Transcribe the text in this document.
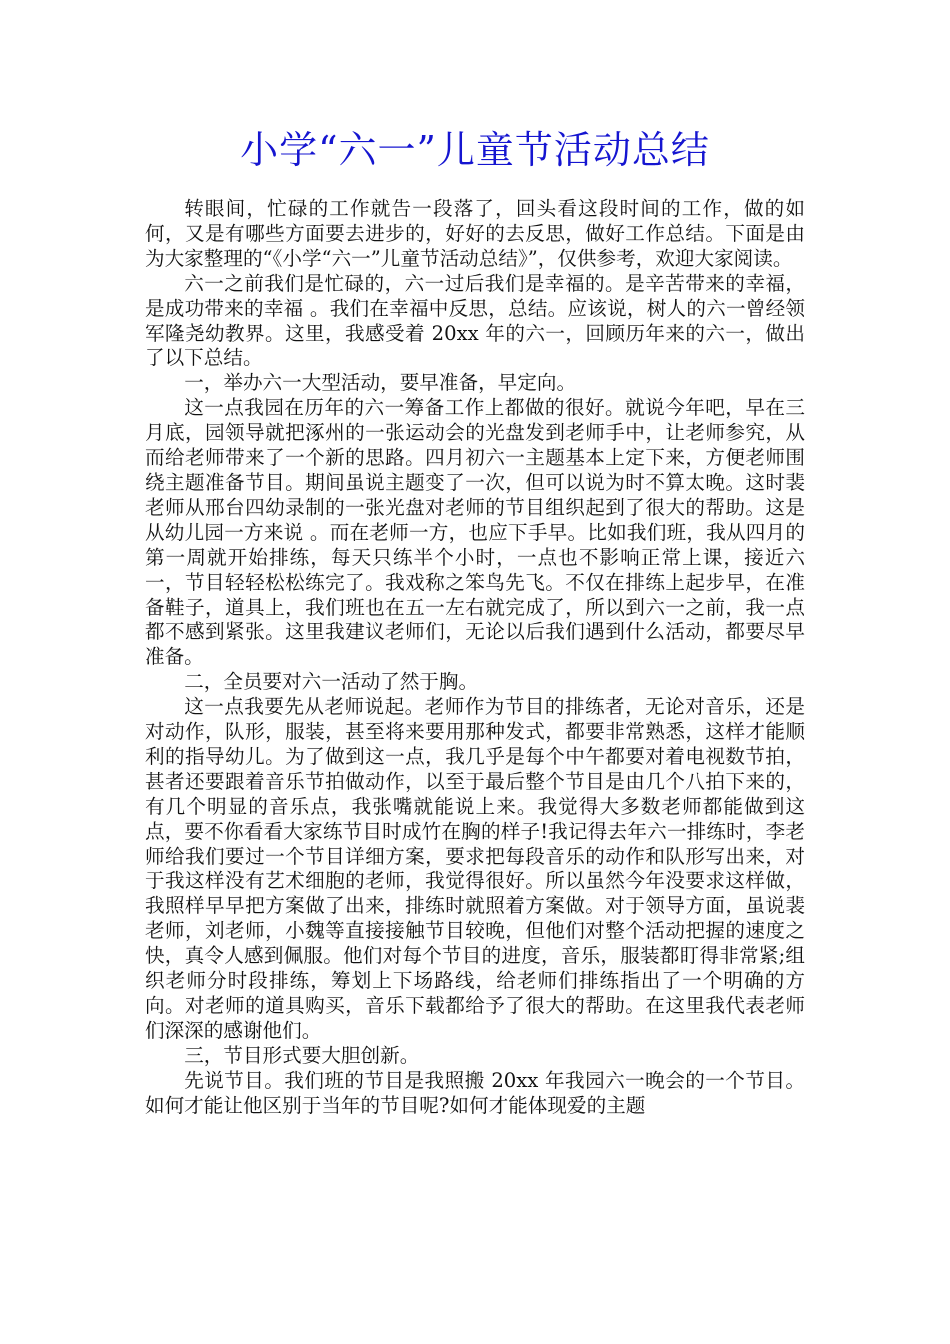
小学“六一”儿童节活动总结

转眼间，忙碌的工作就告一段落了，回头看这段时间的工作，做的如何，又是有哪些方面要去进步的，好好的去反思，做好工作总结。下面是由为大家整理的“《小学“六一”儿童节活动总结》”，仅供参考，欢迎大家阅读。

六一之前我们是忙碌的，六一过后我们是幸福的。是辛苦带来的幸福，是成功带来的幸福 。我们在幸福中反思，总结。应该说，树人的六一曾经领军隆尧幼教界。这里，我感受着 20xx 年的六一，回顾历年来的六一，做出了以下总结。

一，举办六一大型活动，要早准备，早定向。

这一点我园在历年的六一筹备工作上都做的很好。就说今年吧，早在三月底，园领导就把涿州的一张运动会的光盘发到老师手中，让老师参究，从而给老师带来了一个新的思路。四月初六一主题基本上定下来，方便老师围绕主题准备节目。期间虽说主题变了一次，但可以说为时不算太晚。这时裴老师从邢台四幼录制的一张光盘对老师的节目组织起到了很大的帮助。这是从幼儿园一方来说 。而在老师一方，也应下手早。比如我们班，我从四月的第一周就开始排练，每天只练半个小时，一点也不影响正常上课，接近六一，节目轻轻松松练完了。我戏称之笨鸟先飞。不仅在排练上起步早，在准备鞋子，道具上，我们班也在五一左右就完成了，所以到六一之前，我一点都不感到紧张。这里我建议老师们，无论以后我们遇到什么活动，都要尽早准备。

二，全员要对六一活动了然于胸。

这一点我要先从老师说起。老师作为节目的排练者，无论对音乐，还是对动作，队形，服装，甚至将来要用那种发式，都要非常熟悉，这样才能顺利的指导幼儿。为了做到这一点，我几乎是每个中午都要对着电视数节拍，甚者还要跟着音乐节拍做动作，以至于最后整个节目是由几个八拍下来的，有几个明显的音乐点，我张嘴就能说上来。我觉得大多数老师都能做到这点，要不你看看大家练节目时成竹在胸的样子!我记得去年六一排练时，李老师给我们要过一个节目详细方案，要求把每段音乐的动作和队形写出来，对于我这样没有艺术细胞的老师，我觉得很好。所以虽然今年没要求这样做，我照样早早把方案做了出来，排练时就照着方案做。对于领导方面，虽说裴老师，刘老师，小魏等直接接触节目较晚，但他们对整个活动把握的速度之快，真令人感到佩服。他们对每个节目的进度，音乐，服装都盯得非常紧;组织老师分时段排练，筹划上下场路线，给老师们排练指出了一个明确的方向。对老师的道具购买，音乐下载都给予了很大的帮助。在这里我代表老师们深深的感谢他们。

三，节目形式要大胆创新。

先说节目。我们班的节目是我照搬 20xx 年我园六一晚会的一个节目。如何才能让他区别于当年的节目呢?如何才能体现爱的主题
